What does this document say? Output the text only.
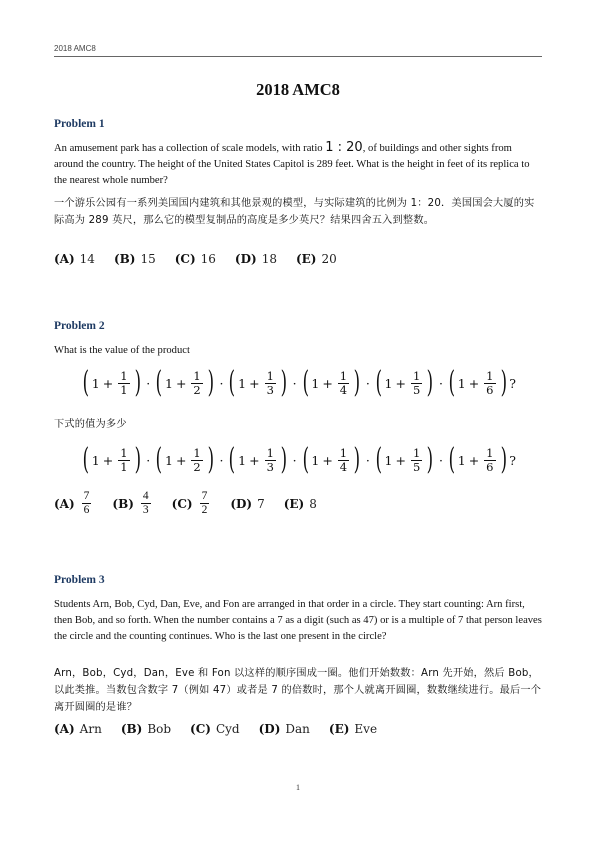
2018 AMC8
2018 AMC8
Problem 1
An amusement park has a collection of scale models, with ratio 1 : 20, of buildings and other sights from around the country. The height of the United States Capitol is 289 feet. What is the height in feet of its replica to the nearest whole number?
一个游乐公园有一系列美国国内建筑和其他景观的模型，与实际建筑的比例为 1：20．美国国会大厦的实际高为 289 英尺，那么它的模型复制品的高度是多少英尺？结果四舍五入到整数。
(A) 14 (B) 15 (C) 16 (D) 18 (E) 20
Problem 2
What is the value of the product
( $1 + \frac{1}{1}$ ) · ( $1 + \frac{1}{2}$ ) · ( $1 + \frac{1}{3}$ ) · ( $1 + \frac{1}{4}$ ) · ( $1 + \frac{1}{5}$ ) · ( $1 + \frac{1}{6}$ ) ?
下式的值为多少
( $1 + \frac{1}{1}$ ) · ( $1 + \frac{1}{2}$ ) · ( $1 + \frac{1}{3}$ ) · ( $1 + \frac{1}{4}$ ) · ( $1 + \frac{1}{5}$ ) · ( $1 + \frac{1}{6}$ ) ?
$(A) \frac{7}{6} (B) \frac{4}{3} (C) \frac{7}{2} (D)$ 7 (E) 8
Problem 3
Students Arn, Bob, Cyd, Dan, Eve, and Fon are arranged in that order in a circle. They start counting: Arn first, then Bob, and so forth. When the number contains a 7 as a digit (such as 47) or is a multiple of 7 that person leaves the circle and the counting continues. Who is the last one present in the circle?
Arn，Bob，Cyd，Dan，Eve 和 Fon 以这样的顺序围成一圈。他们开始数数：Arn 先开始，然后 Bob，以此类推。当数包含数字 7（例如 47）或者是 7 的倍数时，那个人就离开圆圈，数数继续进行。最后一个离开圆圈的是谁？
(A) Arn (B) Bob (C) Cyd (D) Dan (E) Eve
1
